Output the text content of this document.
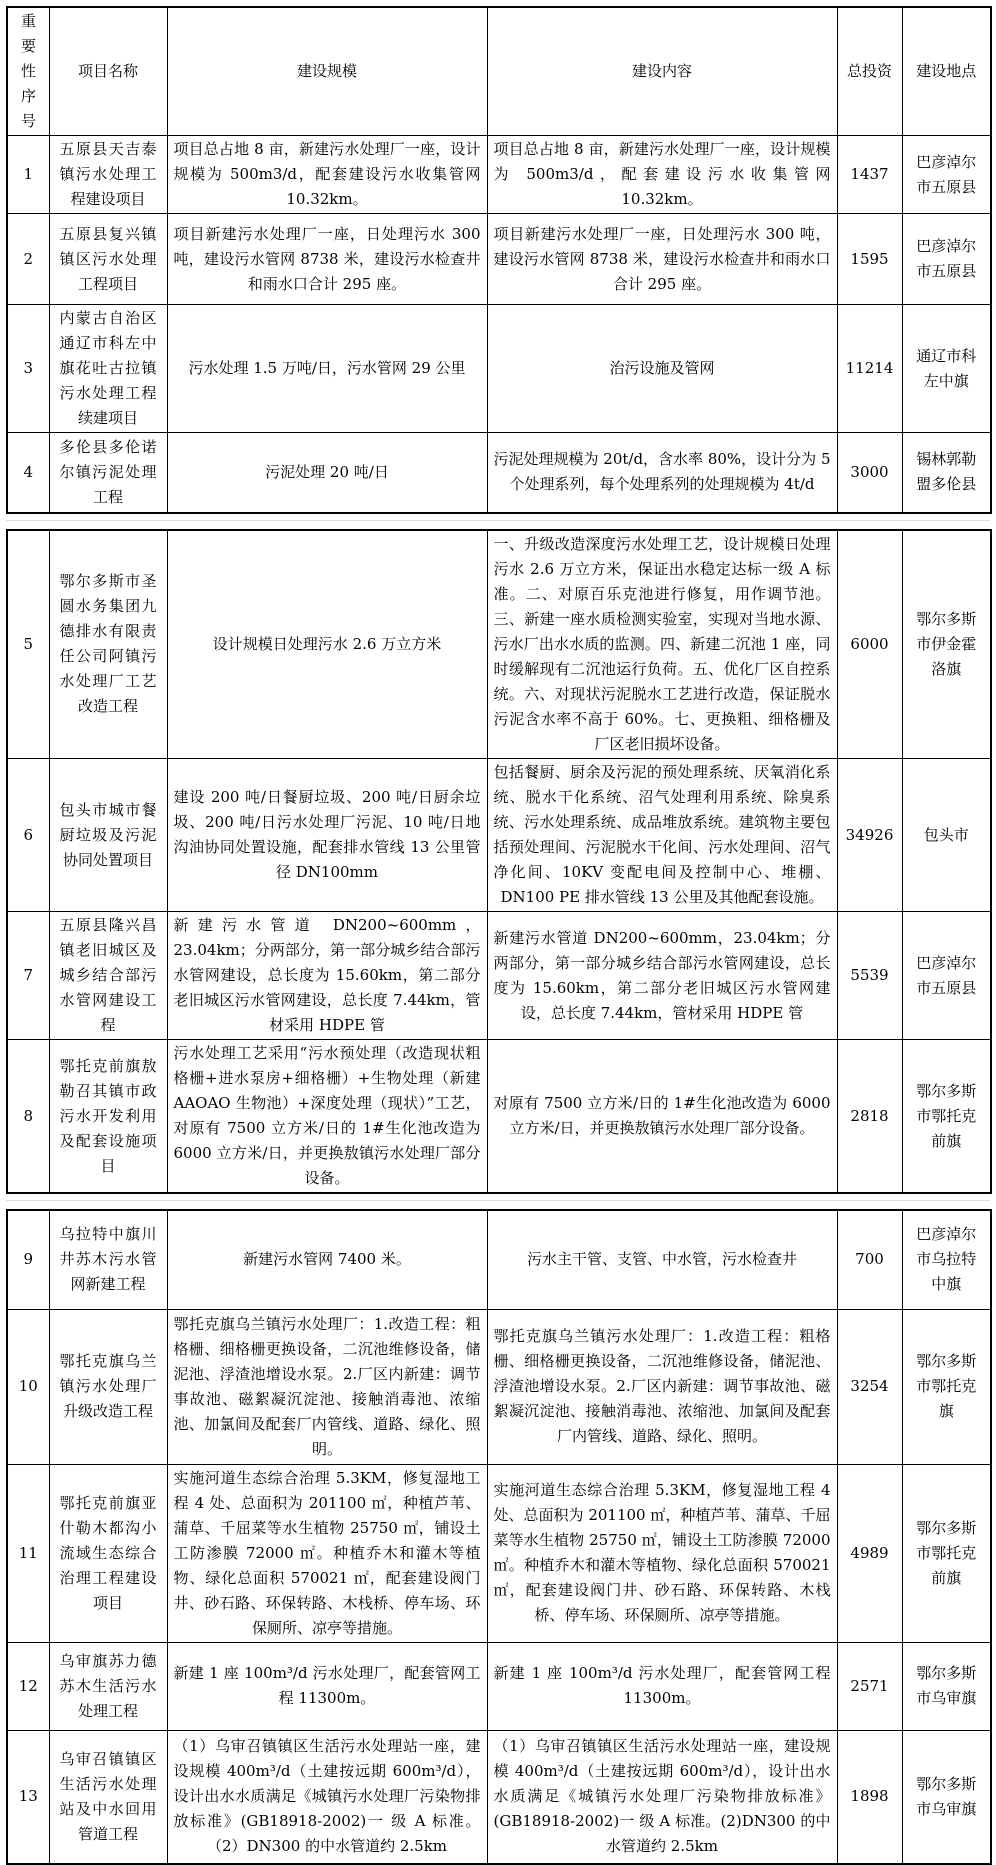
重要性序号	项目名称	建设规模	建设内容	总投资	建设地点
1	五原县天吉泰镇污水处理工程建设项目	项目总占地 8 亩，新建污水处理厂一座，设计规模为 500m3/d，配套建设污水收集管网 10.32km。	项目总占地 8 亩，新建污水处理厂一座，设计规模为 500m3/d，配套建设污水收集管网 10.32km。	1437	巴彦淖尔市五原县
2	五原县复兴镇镇区污水处理工程项目	项目新建污水处理厂一座，日处理污水 300 吨，建设污水管网 8738 米，建设污水检查井和雨水口合计 295 座。	项目新建污水处理厂一座，日处理污水 300 吨，建设污水管网 8738 米，建设污水检查井和雨水口合计 295 座。	1595	巴彦淖尔市五原县
3	内蒙古自治区通辽市科左中旗花吐古拉镇污水处理工程续建项目	污水处理 1.5 万吨/日，污水管网 29 公里	治污设施及管网	11214	通辽市科左中旗
4	多伦县多伦诺尔镇污泥处理工程	污泥处理 20 吨/日	污泥处理规模为 20t/d，含水率 80%，设计分为 5 个处理系列，每个处理系列的处理规模为 4t/d	3000	锡林郭勒盟多伦县
5	鄂尔多斯市圣圆水务集团九德排水有限责任公司阿镇污水处理厂工艺改造工程	设计规模日处理污水 2.6 万立方米	一、升级改造深度污水处理工艺，设计规模日处理污水 2.6 万立方米，保证出水稳定达标一级 A 标准。二、对原百乐克池进行修复，用作调节池。三、新建一座水质检测实验室，实现对当地水源、污水厂出水水质的监测。四、新建二沉池 1 座，同时缓解现有二沉池运行负荷。五、优化厂区自控系统。六、对现状污泥脱水工艺进行改造，保证脱水污泥含水率不高于 60%。七、更换粗、细格栅及厂区老旧损坏设备。	6000	鄂尔多斯市伊金霍洛旗
6	包头市城市餐厨垃圾及污泥协同处置项目	建设 200 吨/日餐厨垃圾、200 吨/日厨余垃圾、200 吨/日污水处理厂污泥、10 吨/日地沟油协同处置设施，配套排水管线 13 公里管径 DN100mm	包括餐厨、厨余及污泥的预处理系统、厌氧消化系统、脱水干化系统、沼气处理利用系统、除臭系统、污水处理系统、成品堆放系统。建筑物主要包括预处理间、污泥脱水干化间、污水处理间、沼气净化间、10KV 变配电间及控制中心、堆棚、DN100 PE 排水管线 13 公里及其他配套设施。	34926	包头市
7	五原县隆兴昌镇老旧城区及城乡结合部污水管网建设工程	新建污水管道 DN200~600mm，23.04km；分两部分，第一部分城乡结合部污水管网建设，总长度为 15.60km，第二部分老旧城区污水管网建设，总长度 7.44km，管材采用 HDPE 管	新建污水管道 DN200~600mm，23.04km；分两部分，第一部分城乡结合部污水管网建设，总长度为 15.60km，第二部分老旧城区污水管网建设，总长度 7.44km，管材采用 HDPE 管	5539	巴彦淖尔市五原县
8	鄂托克前旗敖勒召其镇市政污水开发利用及配套设施项目	污水处理工艺采用“污水预处理（改造现状粗格栅+进水泵房+细格栅）+生物处理（新建 AAOAO 生物池）+深度处理（现状）”工艺，对原有 7500 立方米/日的 1#生化池改造为 6000 立方米/日，并更换敖镇污水处理厂部分设备。	对原有 7500 立方米/日的 1#生化池改造为 6000 立方米/日，并更换敖镇污水处理厂部分设备。	2818	鄂尔多斯市鄂托克前旗
9	乌拉特中旗川井苏木污水管网新建工程	新建污水管网 7400 米。	污水主干管、支管、中水管，污水检查井	700	巴彦淖尔市乌拉特中旗
10	鄂托克旗乌兰镇污水处理厂升级改造工程	鄂托克旗乌兰镇污水处理厂：1.改造工程：粗格栅、细格栅更换设备，二沉池维修设备，储泥池、浮渣池增设水泵。2.厂区内新建：调节事故池、磁絮凝沉淀池、接触消毒池、浓缩池、加氯间及配套厂内管线、道路、绿化、照明。	鄂托克旗乌兰镇污水处理厂：1.改造工程：粗格栅、细格栅更换设备，二沉池维修设备，储泥池、浮渣池增设水泵。2.厂区内新建：调节事故池、磁絮凝沉淀池、接触消毒池、浓缩池、加氯间及配套厂内管线、道路、绿化、照明。	3254	鄂尔多斯市鄂托克旗
11	鄂托克前旗亚什勒木都沟小流域生态综合治理工程建设项目	实施河道生态综合治理 5.3KM，修复湿地工程 4 处、总面积为 201100 ㎡，种植芦苇、蒲草、千屈菜等水生植物 25750 ㎡，铺设土工防渗膜 72000 ㎡。种植乔木和灌木等植物、绿化总面积 570021 ㎡，配套建设阀门井、砂石路、环保转路、木栈桥、停车场、环保厕所、凉亭等措施。	实施河道生态综合治理 5.3KM，修复湿地工程 4 处、总面积为 201100 ㎡，种植芦苇、蒲草、千屈菜等水生植物 25750 ㎡，铺设土工防渗膜 72000 ㎡。种植乔木和灌木等植物、绿化总面积 570021 ㎡，配套建设阀门井、砂石路、环保转路、木栈桥、停车场、环保厕所、凉亭等措施。	4989	鄂尔多斯市鄂托克前旗
12	乌审旗苏力德苏木生活污水处理工程	新建 1 座 100m³/d 污水处理厂，配套管网工程 11300m。	新建 1 座 100m³/d 污水处理厂，配套管网工程 11300m。	2571	鄂尔多斯市乌审旗
13	乌审召镇镇区生活污水处理站及中水回用管道工程	（1）乌审召镇镇区生活污水处理站一座，建设规模 400m³/d（土建按远期 600m³/d），设计出水水质满足《城镇污水处理厂污染物排放标准》(GB18918-2002)一 级 A 标准。（2）DN300 的中水管道约 2.5km	（1）乌审召镇镇区生活污水处理站一座，建设规模 400m³/d（土建按远期 600m³/d），设计出水水质满足《城镇污水处理厂污染物排放标准》(GB18918-2002)一 级 A 标准。(2)DN300 的中水管道约 2.5km	1898	鄂尔多斯市乌审旗
